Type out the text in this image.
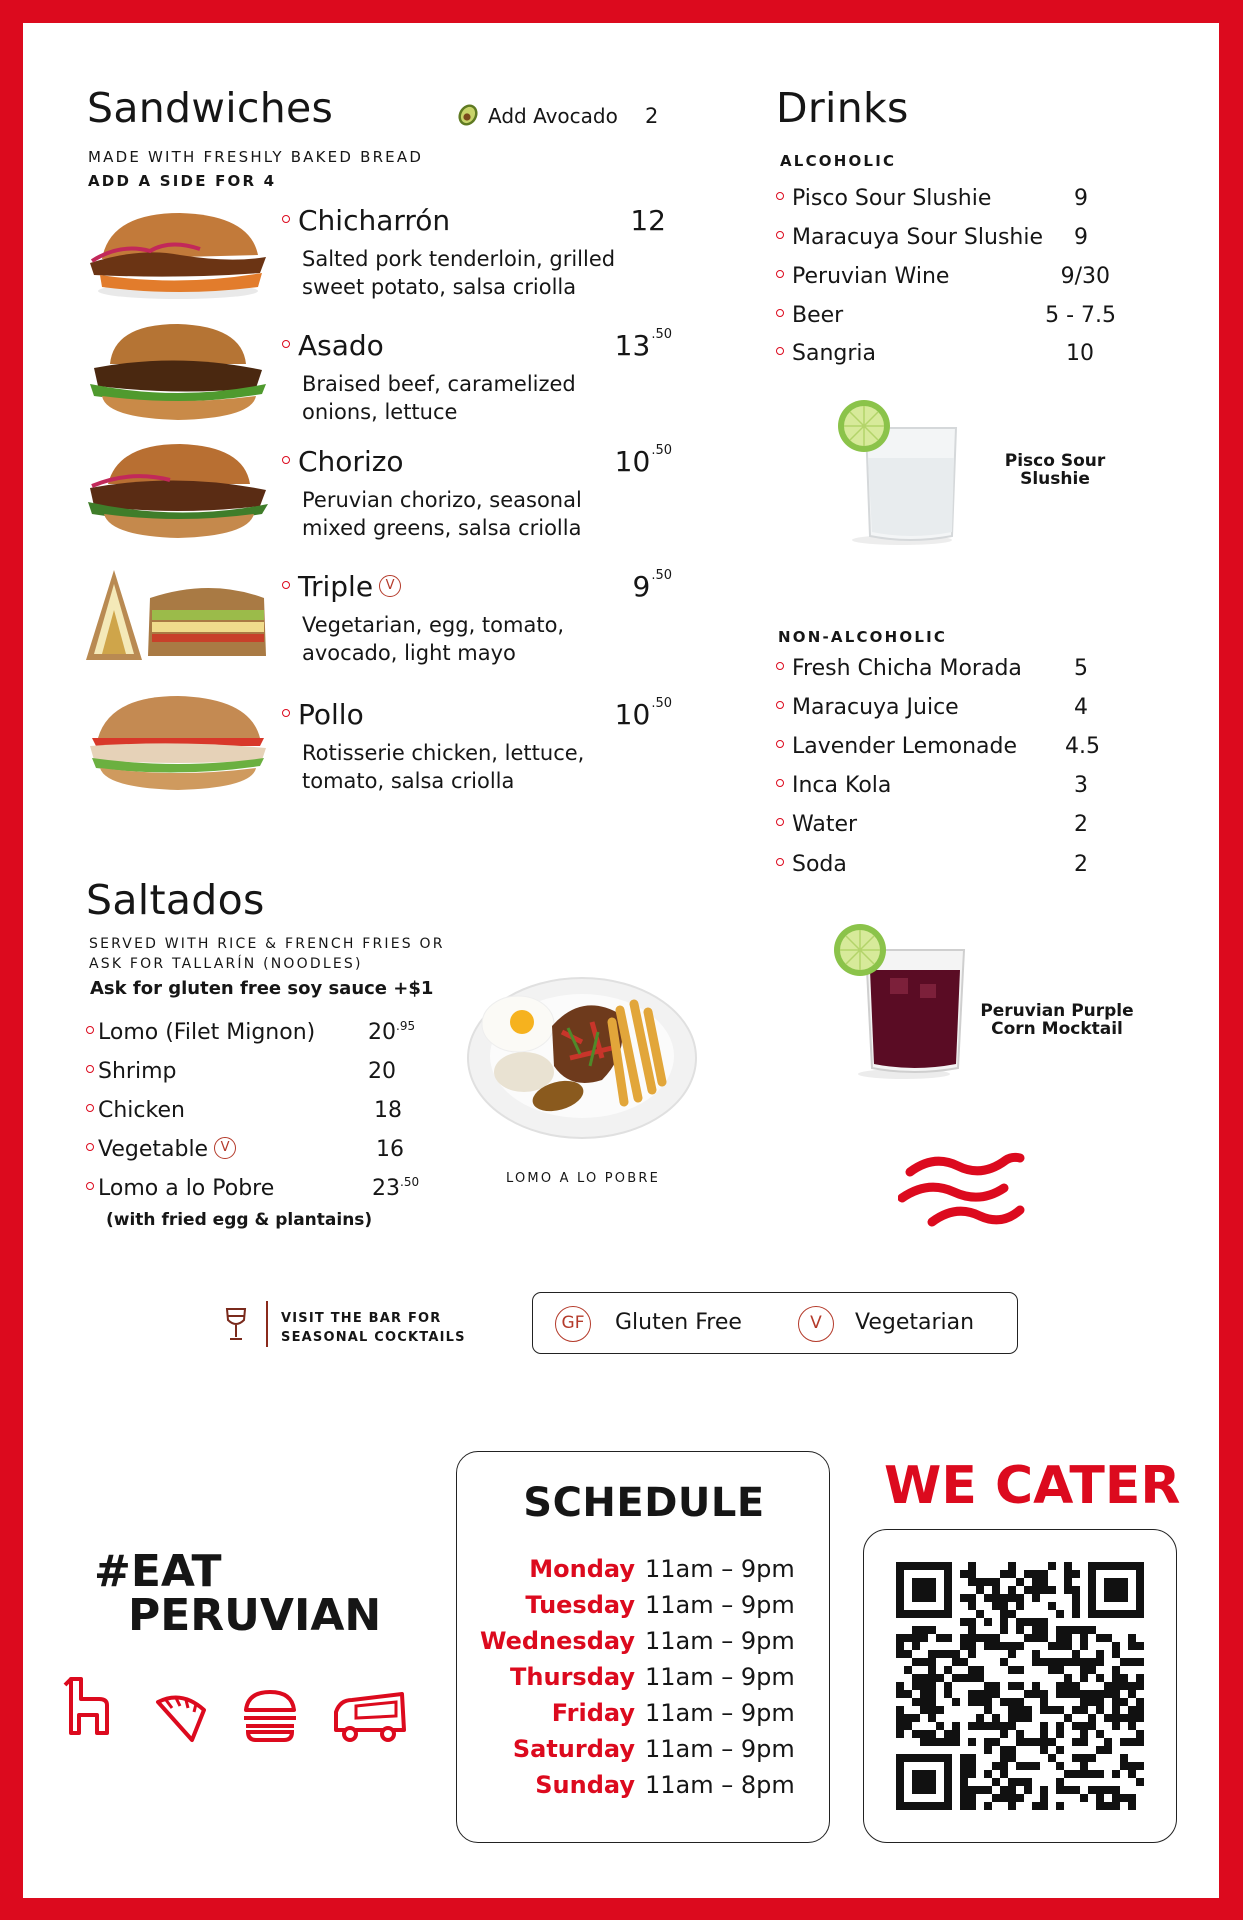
Sandwiches	Add Avocado 2
MADE WITH FRESHLY BAKED BREAD
ADD A SIDE FOR 4
Chicharrón	12
Salted pork tenderloin, grilled
sweet potato, salsa criolla
Asado	$13^{.50}$
Braised beef, caramelized
onions, lettuce
Chorizo	$10^{.50}$
Peruvian chorizo, seasonal
mixed greens, salsa criolla
Triple V	$9^{.50}$
Vegetarian, egg, tomato,
avocado, light mayo
Pollo	$10^{.50}$
Rotisserie chicken, lettuce,
tomato, salsa criolla
Drinks
ALCOHOLIC
Pisco Sour Slushie	9
Maracuya Sour Slushie 9
Peruvian Wine	9/30
Beer	5 - 7.5
Sangria	10
Pisco Sour Slushie
NON-ALCOHOLIC
Fresh Chicha Morada 5
Maracuya Juice	4
Lavender Lemonade 4.5
Inca Kola	3
Water	2
Soda	2
Peruvian Purple
Corn Mocktail
Saltados
SERVED WITH RICE & FRENCH FRIES OR
ASK FOR TALLARÍN (NOODLES)
Ask for gluten free soy sauce +$1
Lomo (Filet Mignon) $20^{.95}$
Shrimp	20
Chicken	18
Vegetable V	16
Lomo a lo Pobre	$23^{.50}$
(with fried egg & plantains)
LOMO A LO POBRE
VISIT THE BAR FOR
SEASONAL COCKTAILS
GF Gluten Free	V	Vegetarian
#EAT
PERUVIAN
SCHEDULE
Monday 11am – 9pm
Tuesday 11am – 9pm
Wednesday 11am – 9pm
Thursday 11am – 9pm
Friday 11am – 9pm
Saturday 11am – 9pm
Sunday 11am – 8pm
WE CATER
